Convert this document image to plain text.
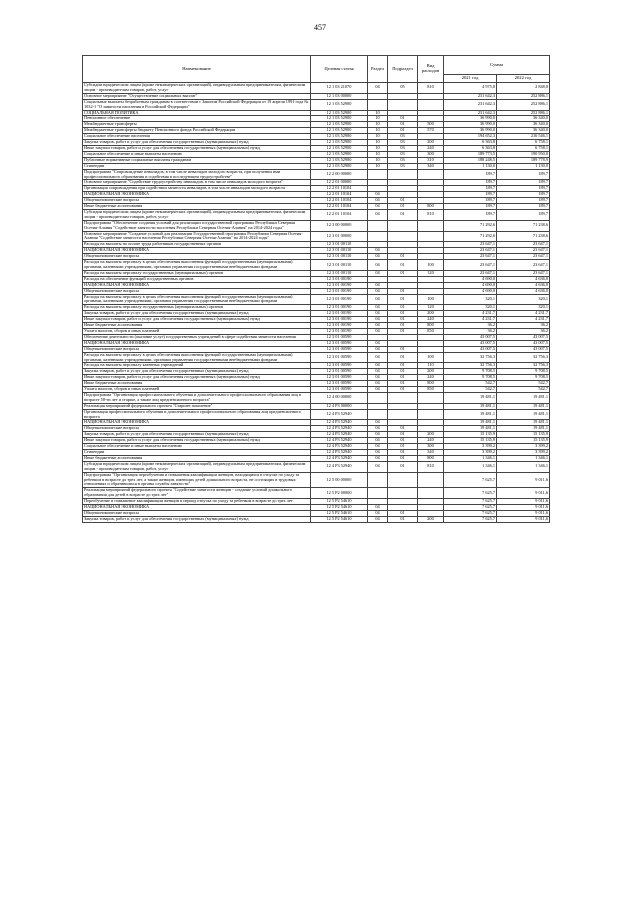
457
Наименование	Целевая статья	Раздел	Подраздел	Вид расходов	Сумма	
					2021 год	2022 год
Субсидии юридическим лицам (кроме некоммерческих организаций), индивидуальным предпринимателям, физическим лицам - производителям товаров, работ, услуг	12 1 03 21070	04	05	810	4 975,8	2 848,0
Основное мероприятие "Осуществление социальных выплат"	12 1 03 00000				231 642,3	252 886,1
Социальные выплаты безработным гражданам в соответствии с Законом Российской Федерации от 19 апреля 1991 года № 1032-1 "О занятости населения в Российской Федерации"	12 1 03 52900				231 642,3	252 886,1
СОЦИАЛЬНАЯ ПОЛИТИКА	12 1 03 52900	10			231 642,3	252 886,1
Пенсионное обеспечение	12 1 03 52900	10	01		36 990,0	36 340,0
Межбюджетные трансферты	12 1 03 52900	10	01	500	36 990,0	36 340,0
Межбюджетные трансферты бюджету Пенсионного фонда Российской Федерации	12 1 03 52900	10	01	570	36 990,0	36 340,0
Социальное обеспечение населения	12 1 03 52900	10	03		194 652,3	216 546,1
Закупка товаров, работ и услуг для обеспечения государственных (муниципальных) нужд	12 1 03 52900	10	03	200	6 363,8	6 758,1
Иные закупки товаров, работ и услуг для обеспечения государственных (муниципальных) нужд	12 1 03 52900	10	03	240	6 363,8	6 758,1
Социальное обеспечение и иные выплаты населению	12 1 03 52900	10	03	300	189 773,5	190 950,0
Публичные нормативные социальные выплаты гражданам	12 1 03 52900	10	03	310	188 248,5	189 778,9
Стипендии	12 1 03 52900	10	03	340	1 130,0	1 130,0
Подпрограмма "Сопровождение инвалидов, в том числе инвалидов молодого возраста, при получении ими профессионального образования и содействия в последующем трудоустройстве"	12 2 00 00000				189,7	189,7
Основное мероприятие "Содействие трудоустройству инвалидов, в том числе инвалидов молодого возраста"	12 2 01 00000				189,7	189,7
Организация сопровождения при содействии занятости инвалидов, в том числе инвалидов молодого возраста	12 2 01 10104				189,7	189,7
НАЦИОНАЛЬНАЯ ЭКОНОМИКА	12 2 01 10104	04			189,7	189,7
Общеэкономические вопросы	12 2 01 10104	04	01		189,7	189,7
Иные бюджетные ассигнования	12 2 01 10104	04	01	800	189,7	189,7
Субсидии юридическим лицам (кроме некоммерческих организаций), индивидуальным предпринимателям, физическим лицам - производителям товаров, работ, услуг	12 2 01 10104	04	01	810	189,7	189,7
Подпрограмма "Обеспечение создания условий для реализации государственной программы Республики Северная Осетия-Алания "Содействие занятости населения Республики Северная Осетия-Алания" на 2014-2024 годы"	12 3 00 00000				71 292,6	71 238,6
Основное мероприятие "Создание условий для реализации Государственной программы Республики Северная Осетия-Алания "Содействие занятости населения Республики Северная Осетия-Алания" на 2014-2024 годы"	12 3 01 00000				71 292,6	71 238,6
Расходы на выплаты по оплате труда работников государственных органов	12 3 01 00110				23 647,1	23 647,1
НАЦИОНАЛЬНАЯ ЭКОНОМИКА	12 3 01 00110	04			23 647,1	23 647,1
Общеэкономические вопросы	12 3 01 00110	04	01		23 647,1	23 647,1
Расходы на выплаты персоналу в целях обеспечения выполнения функций государственными (муниципальными) органами, казенными учреждениями, органами управления государственными внебюджетными фондами	12 3 01 00110	04	01	100	23 647,1	23 647,1
Расходы на выплаты персоналу государственных (муниципальных) органов	12 3 01 00110	04	01	120	23 647,1	23 647,1
Расходы на обеспечение функций государственных органов	12 3 01 00190				4 690,0	4 636,0
НАЦИОНАЛЬНАЯ ЭКОНОМИКА	12 3 01 00190	04			4 690,0	4 636,0
Общеэкономические вопросы	12 3 01 00190	04	01		4 690,0	4 636,0
Расходы на выплаты персоналу в целях обеспечения выполнения функций государственными (муниципальными) органами, казенными учреждениями, органами управления государственными внебюджетными фондами	12 3 01 00190	04	01	100	320,1	320,1
Расходы на выплаты персоналу государственных (муниципальных) органов	12 3 01 00190	04	01	120	320,1	320,1
Закупка товаров, работ и услуг для обеспечения государственных (муниципальных) нужд	12 3 01 00190	04	01	200	4 231,7	4 231,7
Иные закупки товаров, работ и услуг для обеспечения государственных (муниципальных) нужд	12 3 01 00190	04	01	240	4 231,7	4 231,7
Иные бюджетные ассигнования	12 3 01 00190	04	01	800	36,2	36,2
Уплата налогов, сборов и иных платежей	12 3 01 00190	04	01	850	36,2	36,2
Обеспечение деятельности (оказание услуг) государственных учреждений в сфере содействия занятости населения	12 3 01 00590				43 007,5	43 007,5
НАЦИОНАЛЬНАЯ ЭКОНОМИКА	12 3 01 00590	04			43 007,5	43 007,5
Общеэкономические вопросы	12 3 01 00590	04	01		43 007,5	43 007,5
Расходы на выплаты персоналу в целях обеспечения выполнения функций государственными (муниципальными) органами, казенными учреждениями, органами управления государственными внебюджетными фондами	12 3 01 00590	04	01	100	32 756,3	32 756,3
Расходы на выплаты персоналу казенных учреждений	12 3 01 00590	04	01	110	32 756,3	32 756,3
Закупка товаров, работ и услуг для обеспечения государственных (муниципальных) нужд	12 3 01 00590	04	01	200	9 708,5	9 708,5
Иные закупки товаров, работ и услуг для обеспечения государственных (муниципальных) нужд	12 3 01 00590	04	01	240	9 708,5	9 708,5
Иные бюджетные ассигнования	12 3 01 00590	04	01	800	542,7	542,7
Уплата налогов, сборов и иных платежей	12 3 01 00590	04	01	850	542,7	542,7
Подпрограмма "Организация профессионального обучения и дополнительного профессионального образования лиц в возрасте 50-ти лет и старше, а также лиц предпенсионного возраста"	12 4 00 00000				19 481,1	19 481,1
Реализация мероприятий федерального проекта "Старшее поколение"	12 4 P3 00000				19 481,1	19 481,1
Организация профессионального обучения и дополнительного профессионального образования лиц предпенсионного возраста	12 4 P3 52940				19 481,1	19 481,1
НАЦИОНАЛЬНАЯ ЭКОНОМИКА	12 4 P3 52940	04			19 481,1	19 481,1
Общеэкономические вопросы	12 4 P3 52940	04	01		19 481,1	19 481,1
Закупка товаров, работ и услуг для обеспечения государственных (муниципальных) нужд	12 4 P3 52940	04	01	200	15 135,9	15 135,9
Иные закупки товаров, работ и услуг для обеспечения государственных (муниципальных) нужд	12 4 P3 52940	04	01	240	15 135,9	15 135,9
Социальное обеспечение и иные выплаты населению	12 4 P3 52940	04	01	300	3 399,2	3 399,2
Стипендии	12 4 P3 52940	04	01	340	3 399,2	3 399,2
Иные бюджетные ассигнования	12 4 P3 52940	04	01	800	1 346,1	1 346,1
Субсидии юридическим лицам (кроме некоммерческих организаций), индивидуальным предпринимателям, физическим лицам - производителям товаров, работ, услуг	12 4 P3 52940	04	01	810	1 346,1	1 346,1
Подпрограмма "Организация переобучения и повышения квалификации женщин, находящихся в отпуске по уходу за ребенком в возрасте до трех лет, а также женщин, имеющих детей дошкольного возраста, не состоящих в трудовых отношениях и обратившихся в органы службы занятости"	12 5 00 00000				7 625,7	9 011,6
Реализация мероприятий федерального проекта "Содействие занятости женщин - создание условий дошкольного образования для детей в возрасте до трех лет"	12 5 P2 00000				7 625,7	9 011,6
Переобучение и повышение квалификации женщин в период отпуска по уходу за ребенком в возрасте до трех лет	12 5 P2 54610				7 625,7	9 011,6
НАЦИОНАЛЬНАЯ ЭКОНОМИКА	12 5 P2 54610	04			7 625,7	9 011,6
Общеэкономические вопросы	12 5 P2 54610	04	01		7 625,7	9 011,6
Закупка товаров, работ и услуг для обеспечения государственных (муниципальных) нужд	12 5 P2 54610	04	01	200	7 625,7	9 011,6
